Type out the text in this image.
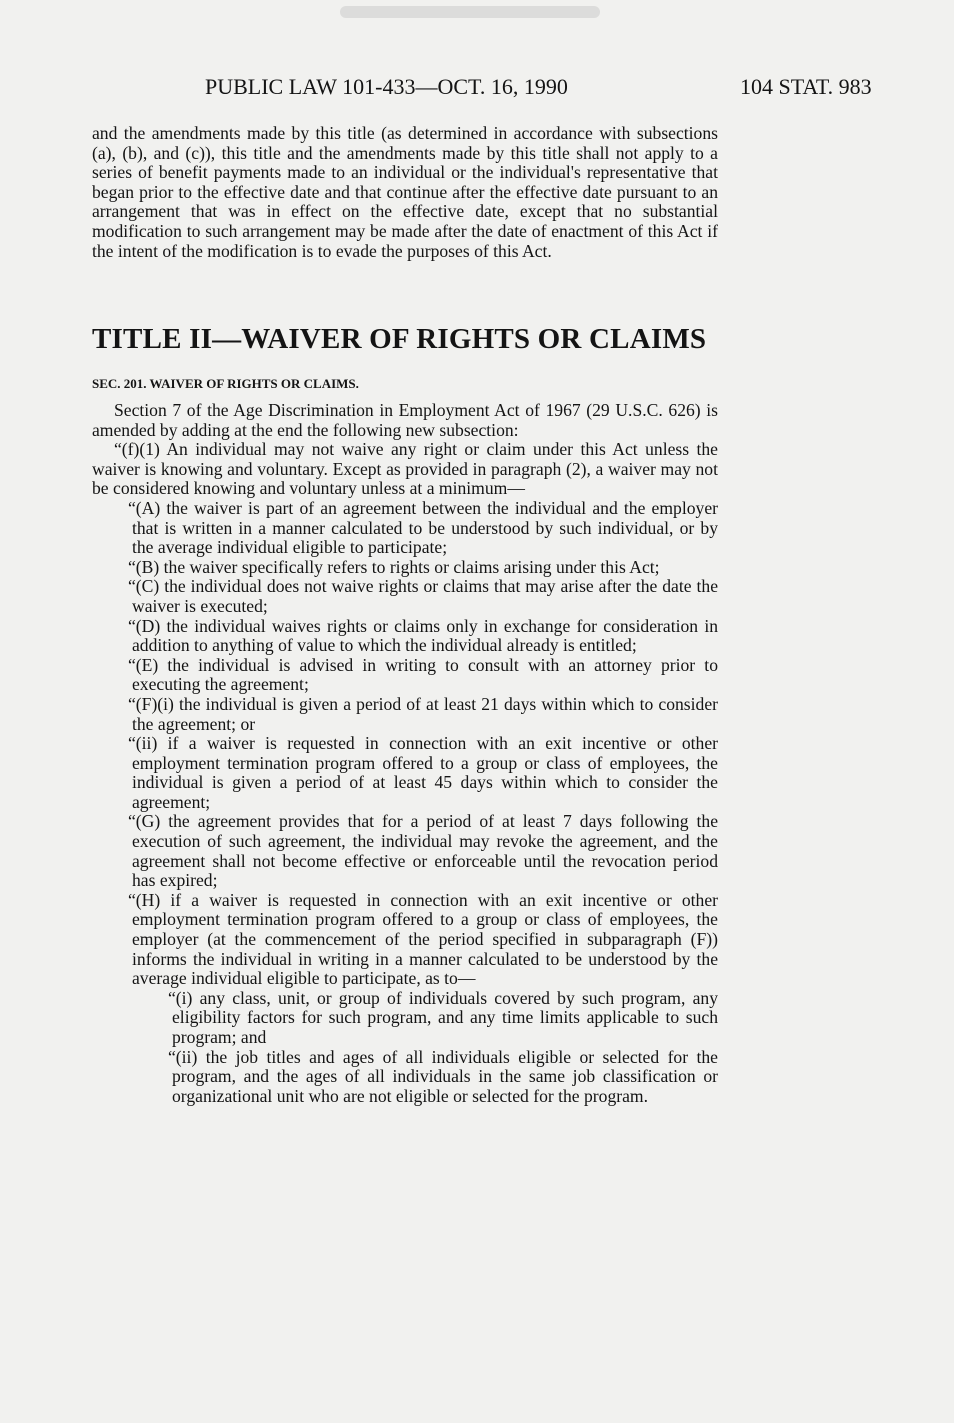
PUBLIC LAW 101-433—OCT. 16, 1990	104 STAT. 983

and the amendments made by this title (as determined in accordance with subsections (a), (b), and (c)), this title and the amendments made by this title shall not apply to a series of benefit payments made to an individual or the individual's representative that began prior to the effective date and that continue after the effective date pursuant to an arrangement that was in effect on the effective date, except that no substantial modification to such arrangement may be made after the date of enactment of this Act if the intent of the modification is to evade the purposes of this Act.

TITLE II—WAIVER OF RIGHTS OR CLAIMS
SEC. 201. WAIVER OF RIGHTS OR CLAIMS.

Section 7 of the Age Discrimination in Employment Act of 1967 (29 U.S.C. 626) is amended by adding at the end the following new subsection:

“(f)(1) An individual may not waive any right or claim under this Act unless the waiver is knowing and voluntary. Except as provided in paragraph (2), a waiver may not be considered knowing and voluntary unless at a minimum—

“(A) the waiver is part of an agreement between the individual and the employer that is written in a manner calculated to be understood by such individual, or by the average individual eligible to participate;

“(B) the waiver specifically refers to rights or claims arising under this Act;

“(C) the individual does not waive rights or claims that may arise after the date the waiver is executed;

“(D) the individual waives rights or claims only in exchange for consideration in addition to anything of value to which the individual already is entitled;

“(E) the individual is advised in writing to consult with an attorney prior to executing the agreement;

“(F)(i) the individual is given a period of at least 21 days within which to consider the agreement; or

“(ii) if a waiver is requested in connection with an exit incentive or other employment termination program offered to a group or class of employees, the individual is given a period of at least 45 days within which to consider the agreement;

“(G) the agreement provides that for a period of at least 7 days following the execution of such agreement, the individual may revoke the agreement, and the agreement shall not become effective or enforceable until the revocation period has expired;

“(H) if a waiver is requested in connection with an exit incentive or other employment termination program offered to a group or class of employees, the employer (at the commencement of the period specified in subparagraph (F)) informs the individual in writing in a manner calculated to be understood by the average individual eligible to participate, as to—

“(i) any class, unit, or group of individuals covered by such program, any eligibility factors for such program, and any time limits applicable to such program; and

“(ii) the job titles and ages of all individuals eligible or selected for the program, and the ages of all individuals in the same job classification or organizational unit who are not eligible or selected for the program.
